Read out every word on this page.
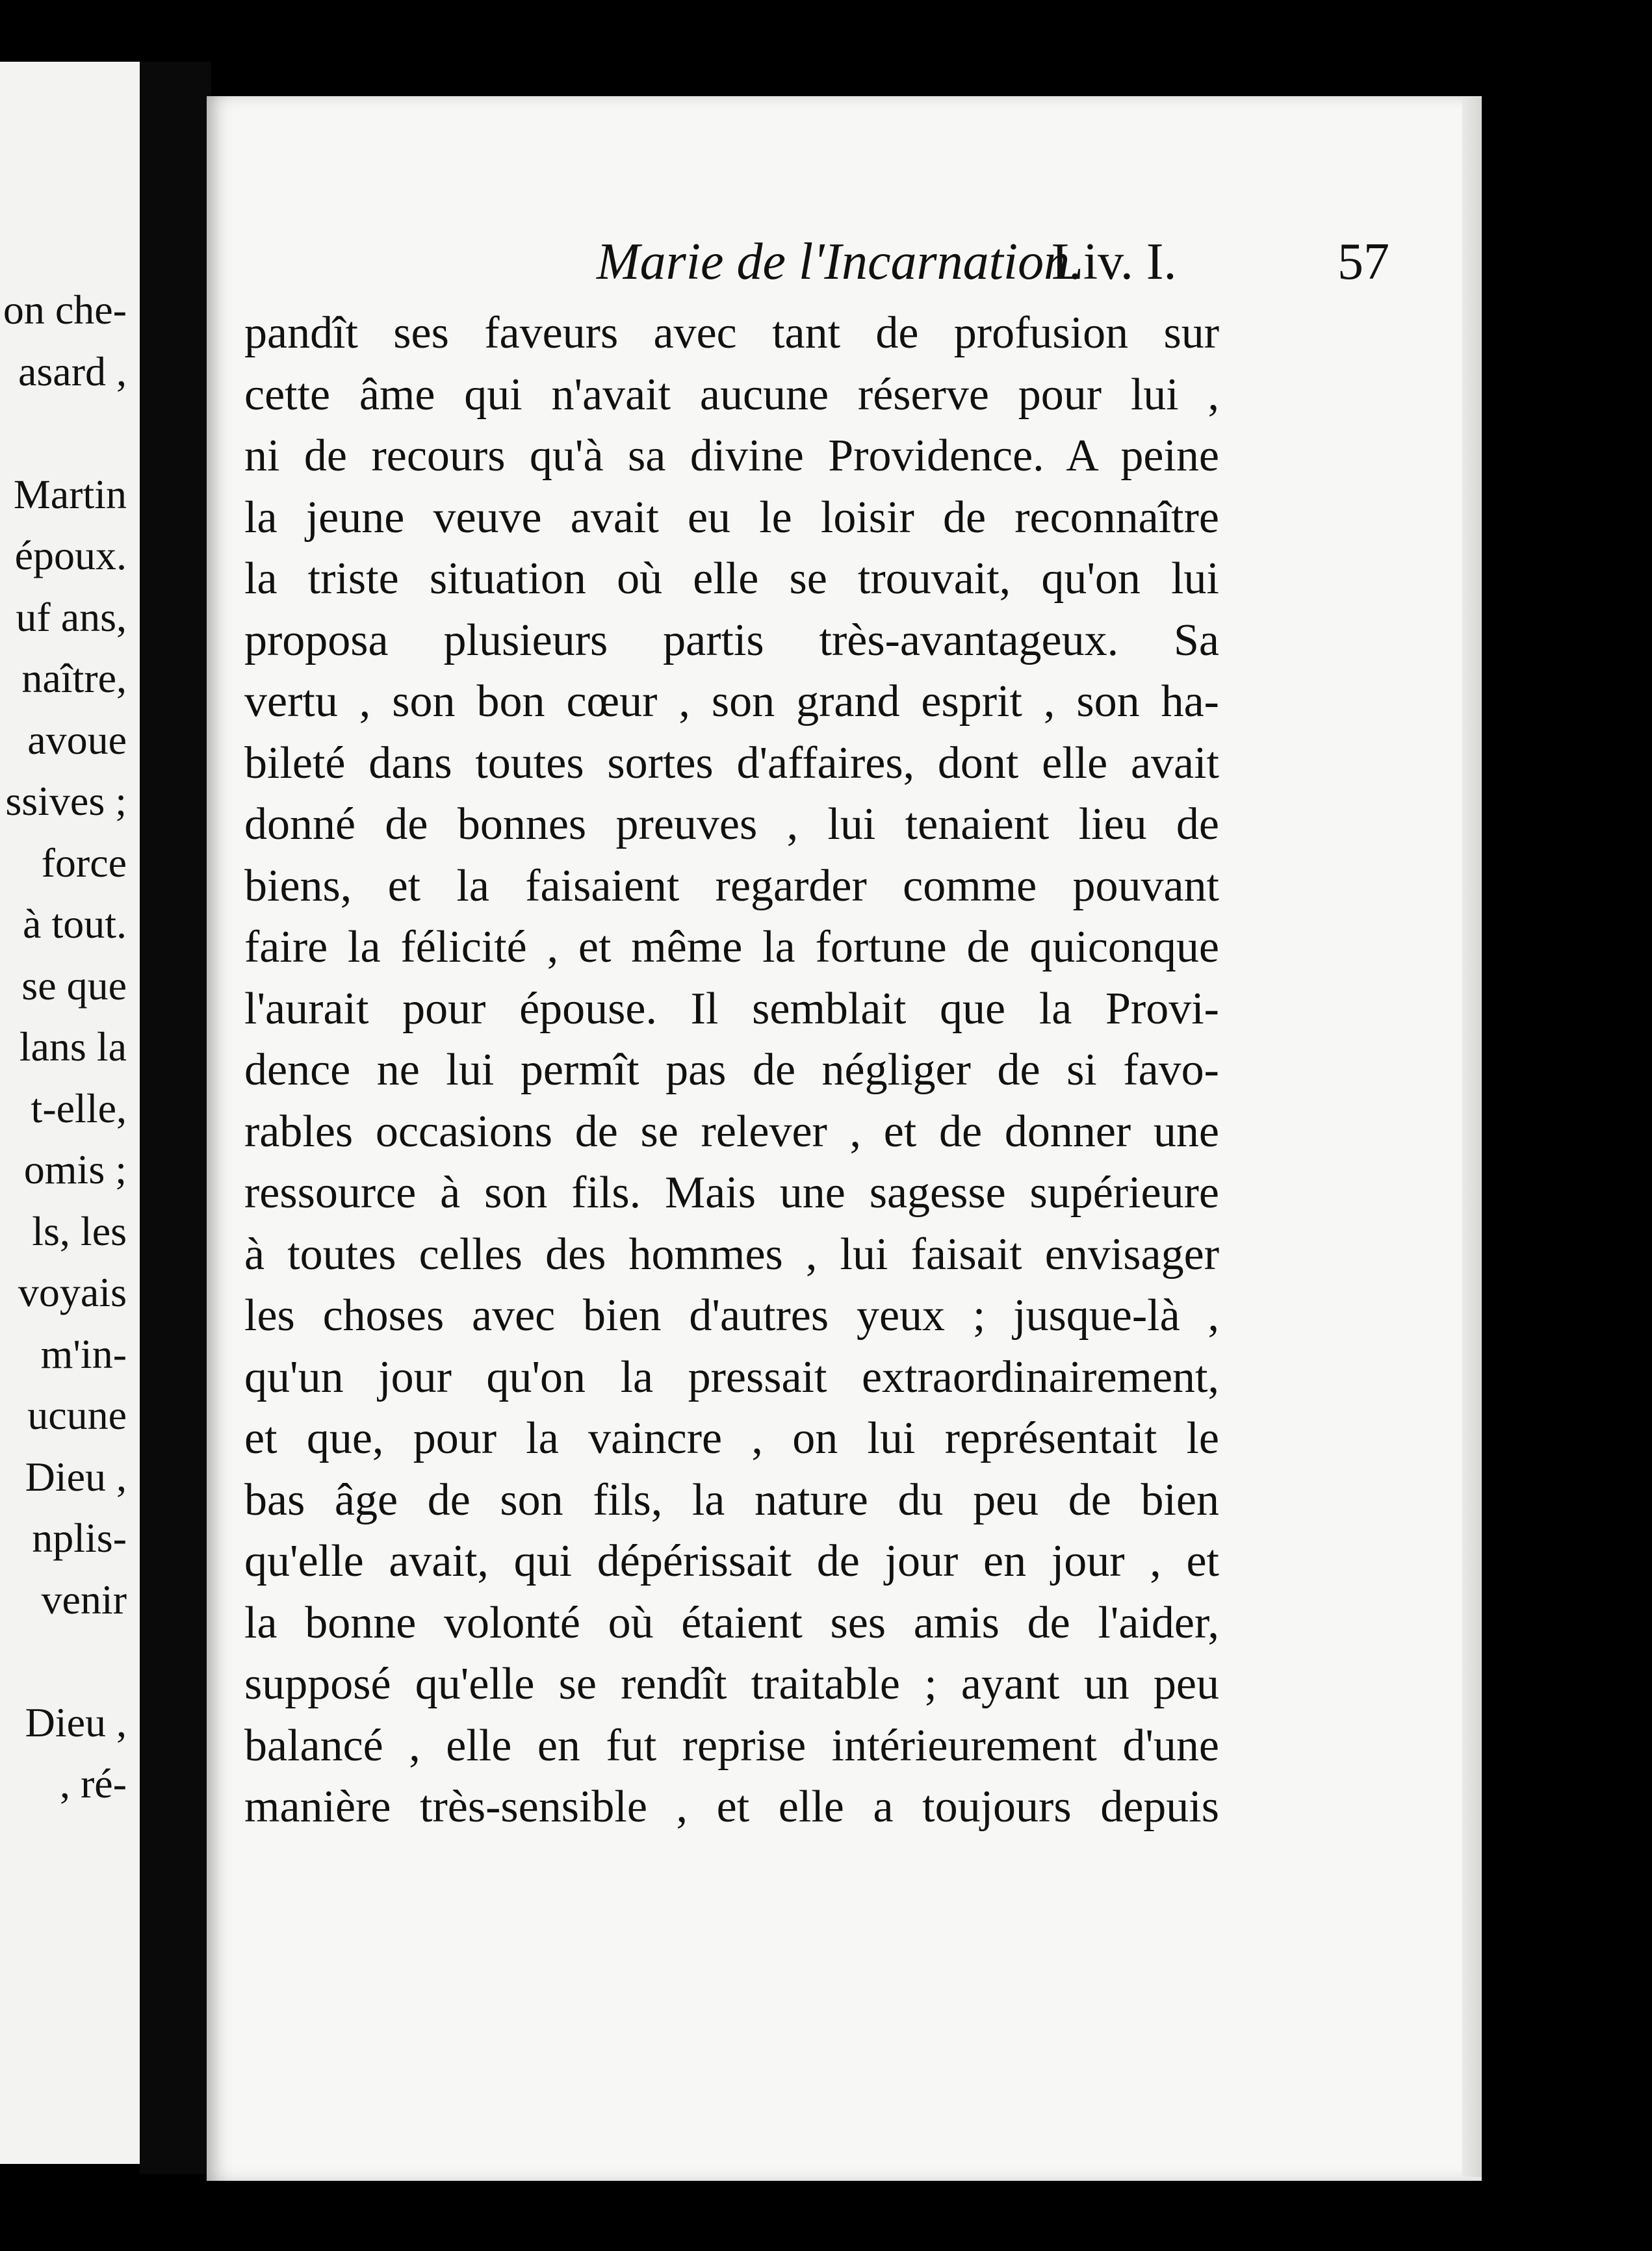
on che-
asard ,
Martin
époux.
uf ans,
naître,
avoue
ssives ;
force
à tout.
se que
lans la
t-elle,
omis ;
ls, les
voyais
m'in-
ucune
Dieu ,
nplis-
venir
Dieu ,
, ré-
Marie de l'Incarnation.
Liv. I.	57
pandît ses faveurs avec tant de profusion sur
cette âme qui n'avait aucune réserve pour lui ,
ni de recours qu'à sa divine Providence. A peine
la jeune veuve avait eu le loisir de reconnaître
la triste situation où elle se trouvait, qu'on lui
proposa plusieurs partis très-avantageux. Sa
vertu , son bon cœur , son grand esprit , son ha-
bileté dans toutes sortes d'affaires, dont elle avait
donné de bonnes preuves , lui tenaient lieu de
biens, et la faisaient regarder comme pouvant
faire la félicité , et même la fortune de quiconque
l'aurait pour épouse. Il semblait que la Provi-
dence ne lui permît pas de négliger de si favo-
rables occasions de se relever , et de donner une
ressource à son fils. Mais une sagesse supérieure
à toutes celles des hommes , lui faisait envisager
les choses avec bien d'autres yeux ; jusque-là ,
qu'un jour qu'on la pressait extraordinairement,
et que, pour la vaincre , on lui représentait le
bas âge de son fils, la nature du peu de bien
qu'elle avait, qui dépérissait de jour en jour , et
la bonne volonté où étaient ses amis de l'aider,
supposé qu'elle se rendît traitable ; ayant un peu
balancé , elle en fut reprise intérieurement d'une
manière très-sensible , et elle a toujours depuis
